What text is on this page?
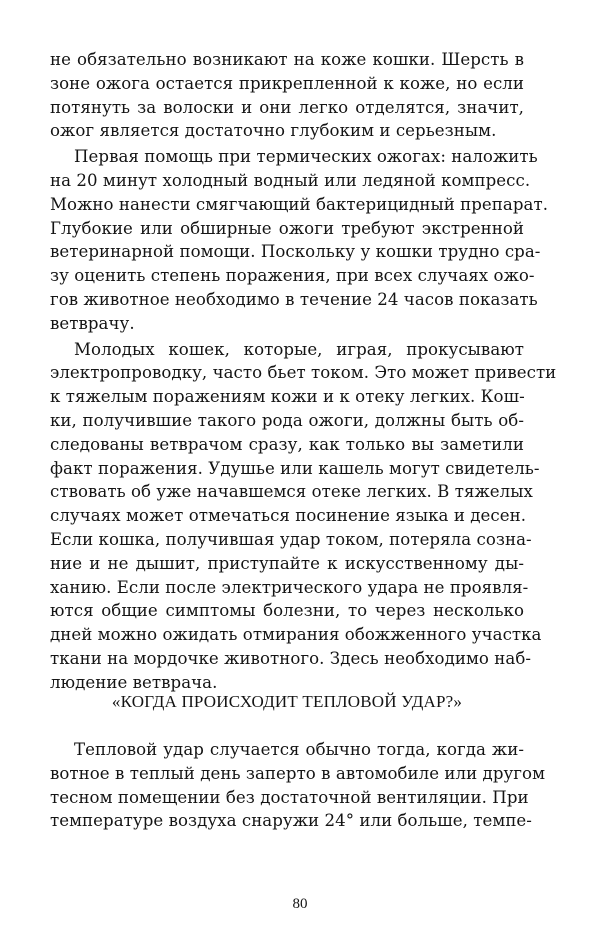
не обязательно возникают на коже кошки. Шерсть в
зоне ожога остается прикрепленной к коже, но если
потянуть за волоски и они легко отделятся, значит,
ожог является достаточно глубоким и серьезным.
Первая помощь при термических ожогах: наложить
на 20 минут холодный водный или ледяной компресс.
Можно нанести смягчающий бактерицидный препарат.
Глубокие или обширные ожоги требуют экстренной
ветеринарной помощи. Поскольку у кошки трудно сра-
зу оценить степень поражения, при всех случаях ожо-
гов животное необходимо в течение 24 часов показать
ветврачу.
Молодых кошек, которые, играя, прокусывают
электропроводку, часто бьет током. Это может привести
к тяжелым поражениям кожи и к отеку легких. Кош-
ки, получившие такого рода ожоги, должны быть об-
следованы ветврачом сразу, как только вы заметили
факт поражения. Удушье или кашель могут свидетель-
ствовать об уже начавшемся отеке легких. В тяжелых
случаях может отмечаться посинение языка и десен.
Если кошка, получившая удар током, потеряла созна-
ние и не дышит, приступайте к искусственному ды-
ханию. Если после электрического удара не проявля-
ются общие симптомы болезни, то через несколько
дней можно ожидать отмирания обожженного участка
ткани на мордочке животного. Здесь необходимо наб-
людение ветврача.
«КОГДА ПРОИСХОДИТ ТЕПЛОВОЙ УДАР?»
Тепловой удар случается обычно тогда, когда жи-
вотное в теплый день заперто в автомобиле или другом
тесном помещении без достаточной вентиляции. При
температуре воздуха снаружи 24° или больше, темпе-
80
